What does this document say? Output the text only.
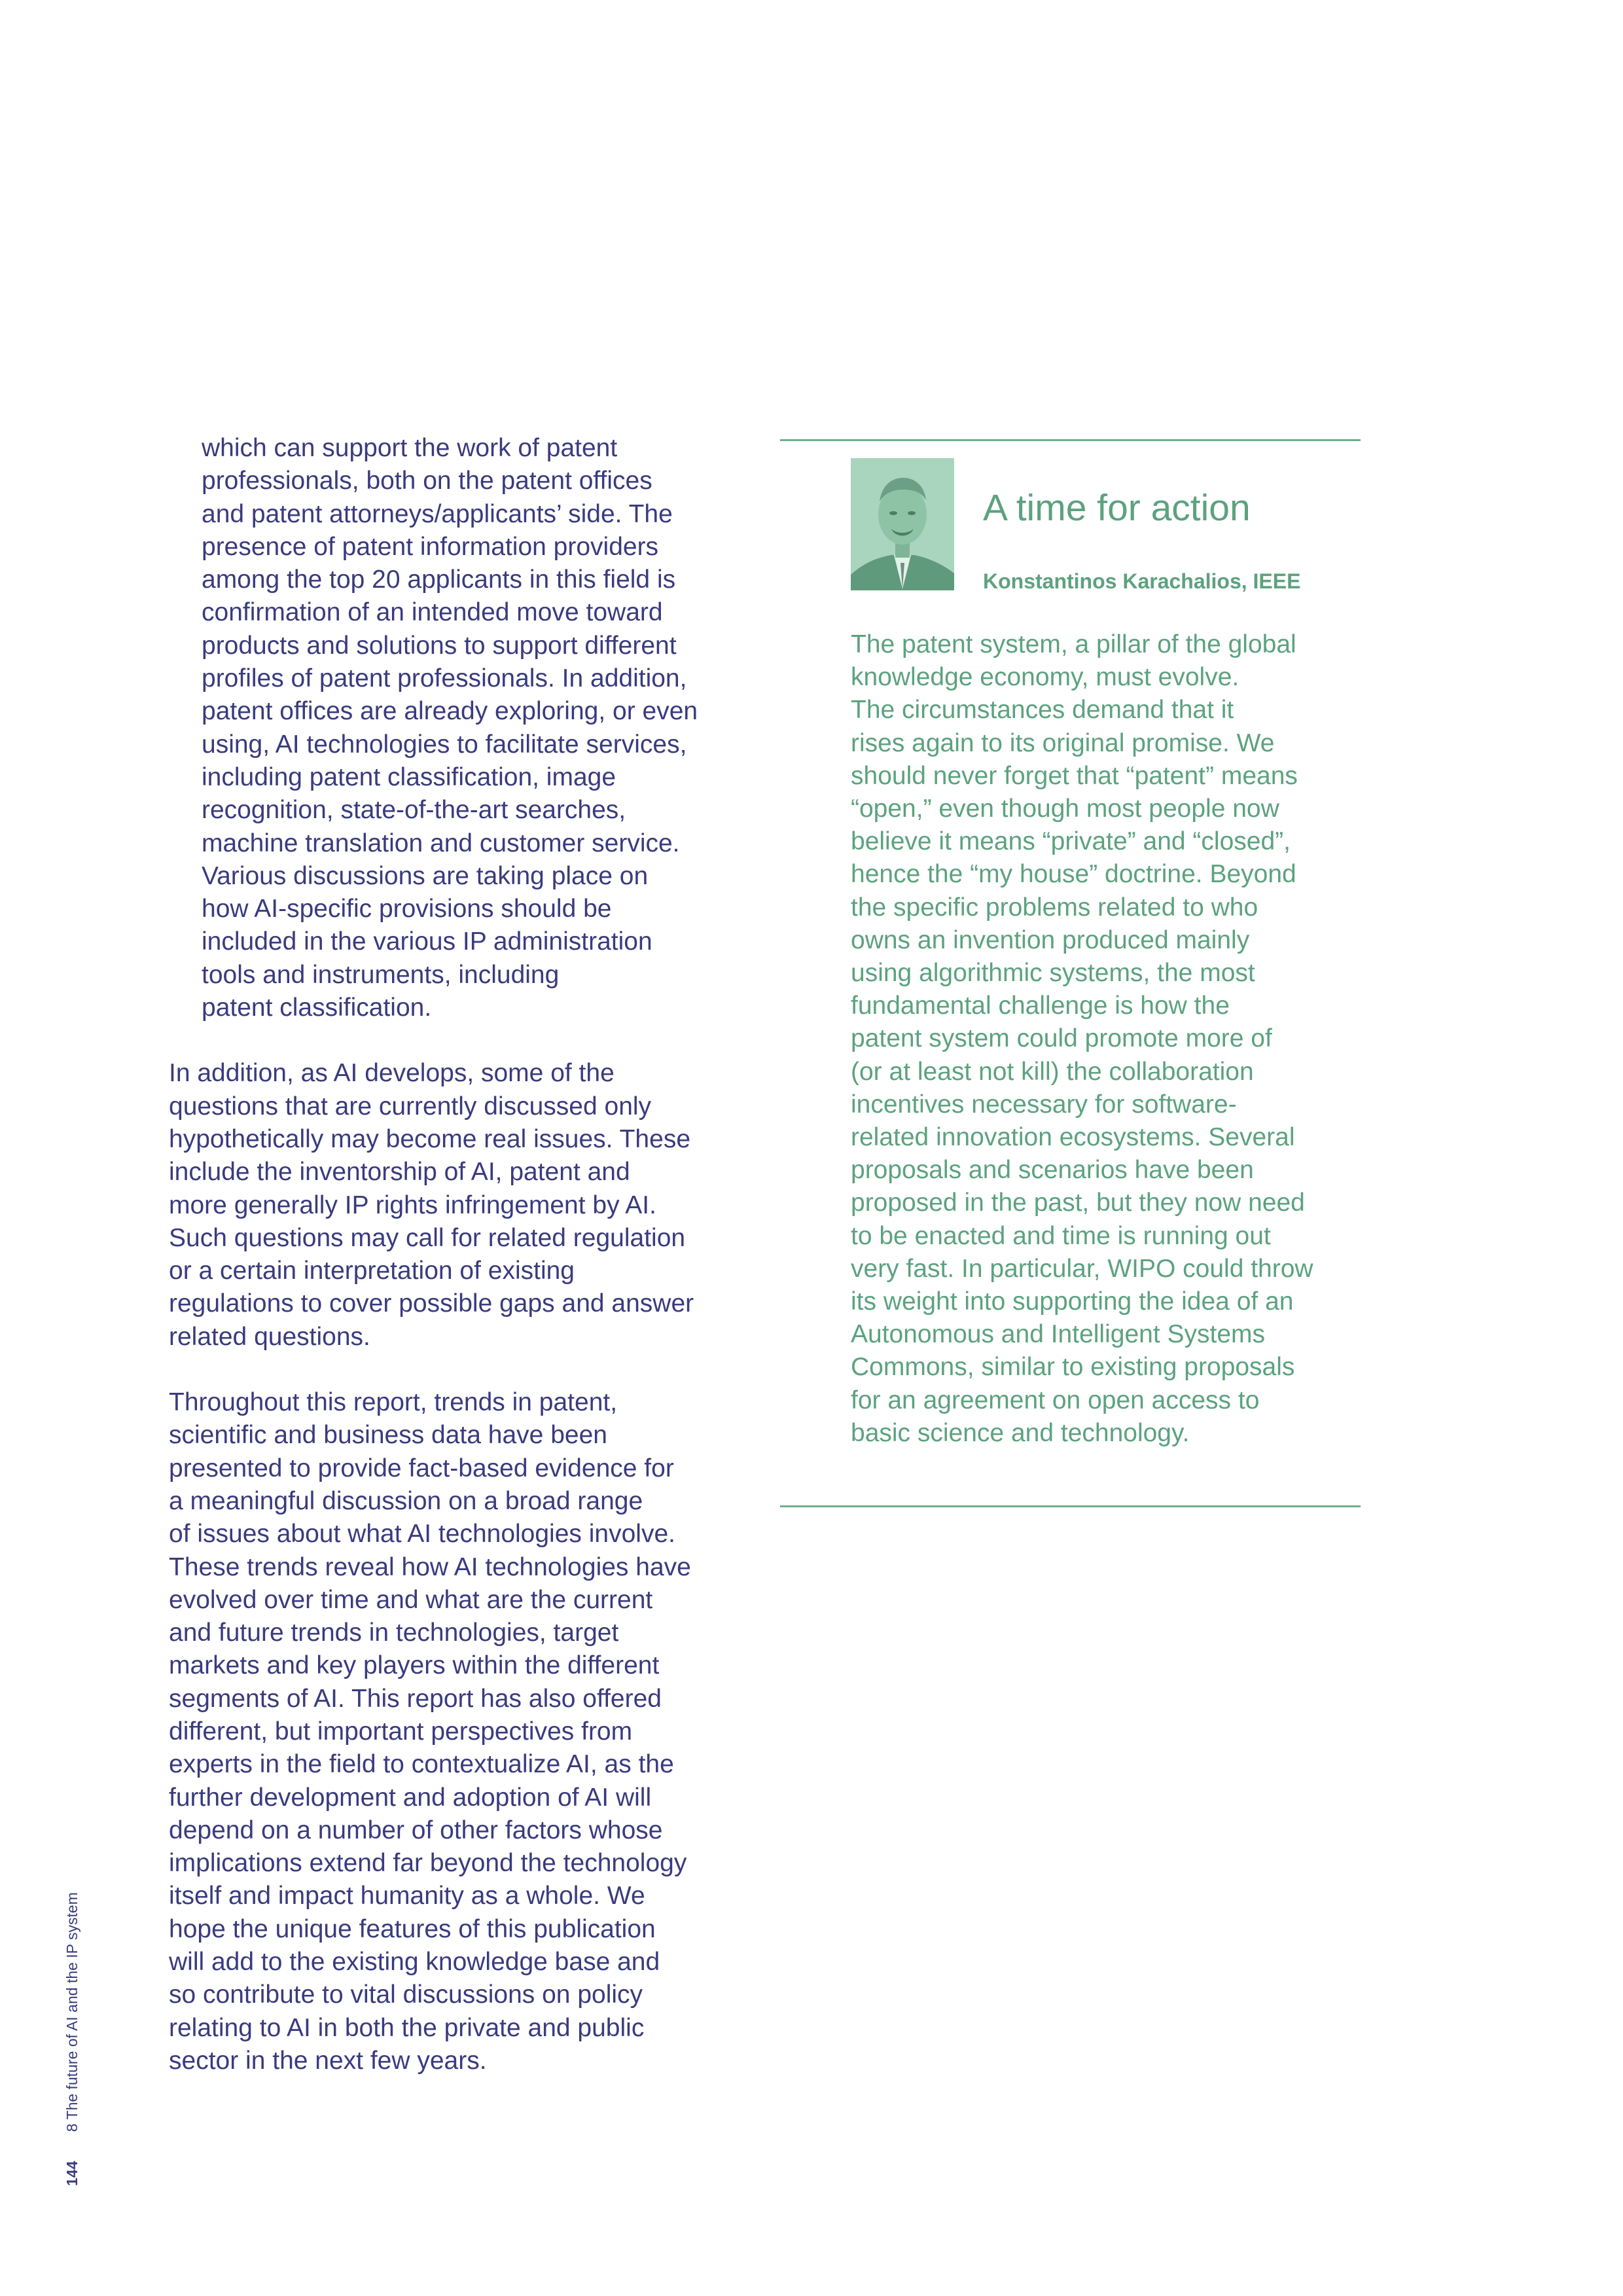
which can support the work of patent
professionals, both on the patent offices
and patent attorneys/applicants’ side. The
presence of patent information providers
among the top 20 applicants in this field is
confirmation of an intended move toward
products and solutions to support different
profiles of patent professionals. In addition,
patent offices are already exploring, or even
using, AI technologies to facilitate services,
including patent classification, image
recognition, state-of-the-art searches,
machine translation and customer service.
Various discussions are taking place on
how AI-specific provisions should be
included in the various IP administration
tools and instruments, including
patent classification.

In addition, as AI develops, some of the
questions that are currently discussed only
hypothetically may become real issues. These
include the inventorship of AI, patent and
more generally IP rights infringement by AI.
Such questions may call for related regulation
or a certain interpretation of existing
regulations to cover possible gaps and answer
related questions.

Throughout this report, trends in patent,
scientific and business data have been
presented to provide fact-based evidence for
a meaningful discussion on a broad range
of issues about what AI technologies involve.
These trends reveal how AI technologies have
evolved over time and what are the current
and future trends in technologies, target
markets and key players within the different
segments of AI. This report has also offered
different, but important perspectives from
experts in the field to contextualize AI, as the
further development and adoption of AI will
depend on a number of other factors whose
implications extend far beyond the technology
itself and impact humanity as a whole. We
hope the unique features of this publication
will add to the existing knowledge base and
so contribute to vital discussions on policy
relating to AI in both the private and public
sector in the next few years.

A time for action
Konstantinos Karachalios, IEEE

The patent system, a pillar of the global
knowledge economy, must evolve.
The circumstances demand that it
rises again to its original promise. We
should never forget that “patent” means
“open,” even though most people now
believe it means “private” and “closed”,
hence the “my house” doctrine. Beyond
the specific problems related to who
owns an invention produced mainly
using algorithmic systems, the most
fundamental challenge is how the
patent system could promote more of
(or at least not kill) the collaboration
incentives necessary for software-
related innovation ecosystems. Several
proposals and scenarios have been
proposed in the past, but they now need
to be enacted and time is running out
very fast. In particular, WIPO could throw
its weight into supporting the idea of an
Autonomous and Intelligent Systems
Commons, similar to existing proposals
for an agreement on open access to
basic science and technology.

144 8 The future of AI and the IP system
